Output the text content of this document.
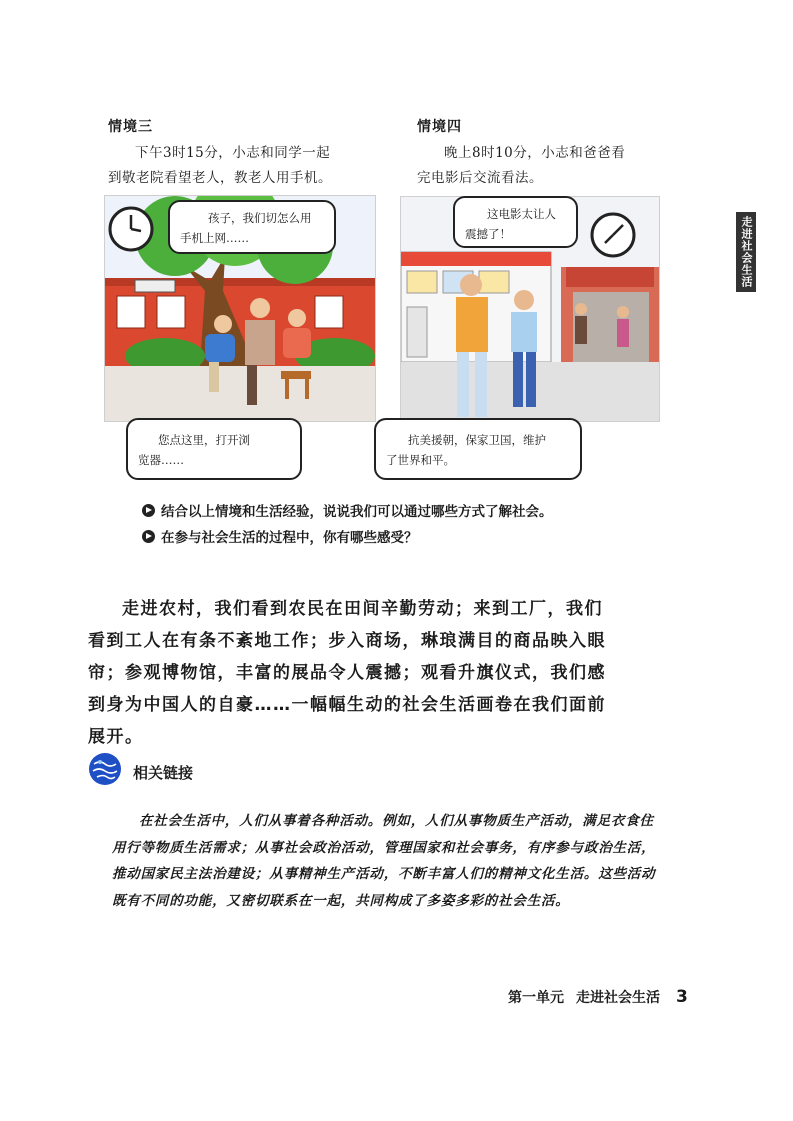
情境三
下午3时15分，小志和同学一起
到敬老院看望老人，教老人用手机。
情境四
晚上8时10分，小志和爸爸看
完电影后交流看法。
孩子，我们切怎么用
手机上网……
您点这里，打开浏
览器……
这电影太让人
震撼了！
抗美援朝，保家卫国，维护
了世界和平。
结合以上情境和生活经验，说说我们可以通过哪些方式了解社会。
在参与社会生活的过程中，你有哪些感受？
走进农村，我们看到农民在田间辛勤劳动；来到工厂，我们看到工人在有条不紊地工作；步入商场，琳琅满目的商品映入眼帘；参观博物馆，丰富的展品令人震撼；观看升旗仪式，我们感到身为中国人的自豪……一幅幅生动的社会生活画卷在我们面前展开。
相关链接
在社会生活中，人们从事着各种活动。例如，人们从事物质生产活动，满足衣食住用行等物质生活需求；从事社会政治活动，管理国家和社会事务，有序参与政治生活，推动国家民主法治建设；从事精神生产活动，不断丰富人们的精神文化生活。这些活动既有不同的功能，又密切联系在一起，共同构成了多姿多彩的社会生活。
第一单元 走进社会生活 3
走进社会生活
